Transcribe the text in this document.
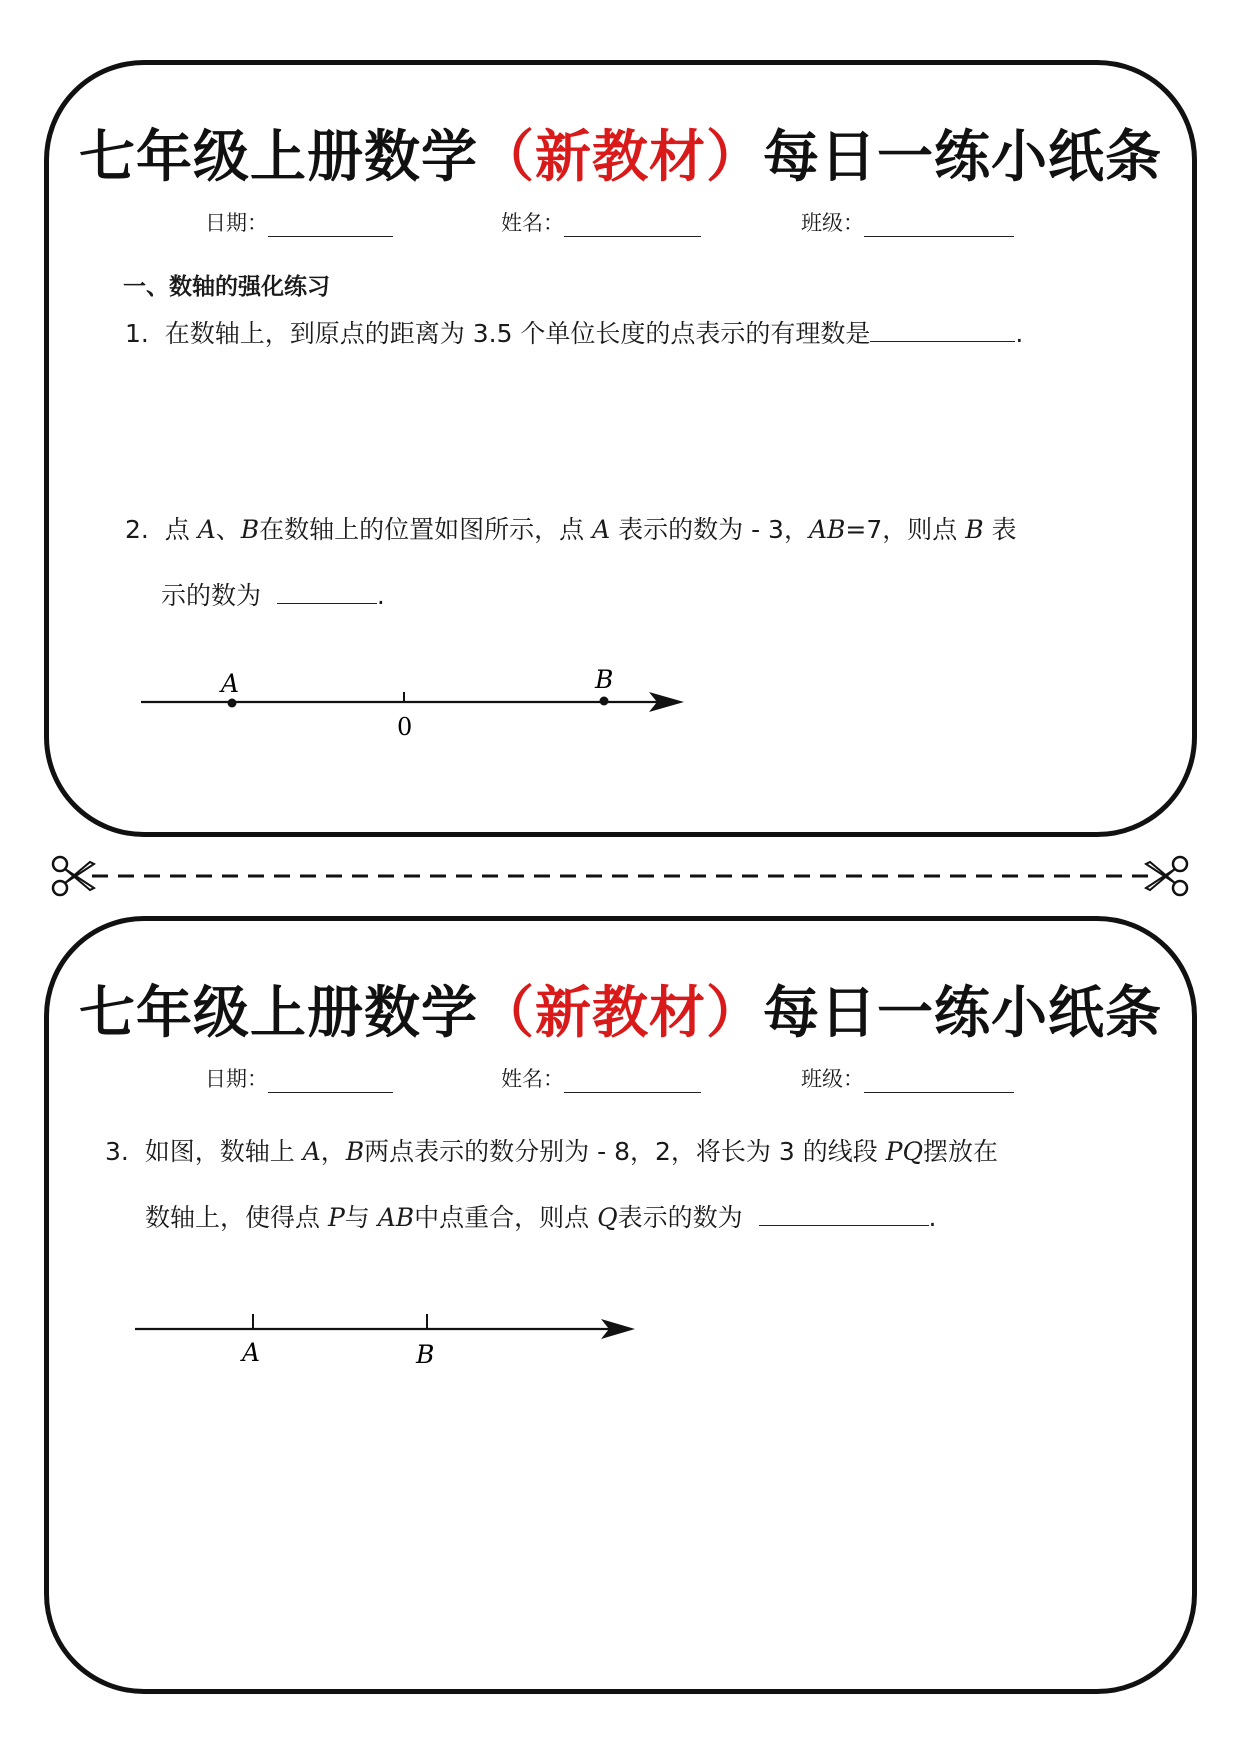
七年级上册数学（新教材）每日一练小纸条
日期：	姓名：	班级：
一、数轴的强化练习
1. 在数轴上，到原点的距离为 3.5 个单位长度的点表示的有理数是	.
2. 点 A、B在数轴上的位置如图所示，点 A 表示的数为 - 3，AB=7，则点 B 表
示的数为	.
A	B
0
七年级上册数学（新教材）每日一练小纸条
日期：	姓名：	班级：
3. 如图，数轴上 A，B两点表示的数分别为 - 8，2，将长为 3 的线段 PQ摆放在
数轴上，使得点 P与 AB中点重合，则点 Q表示的数为	.
A	B
